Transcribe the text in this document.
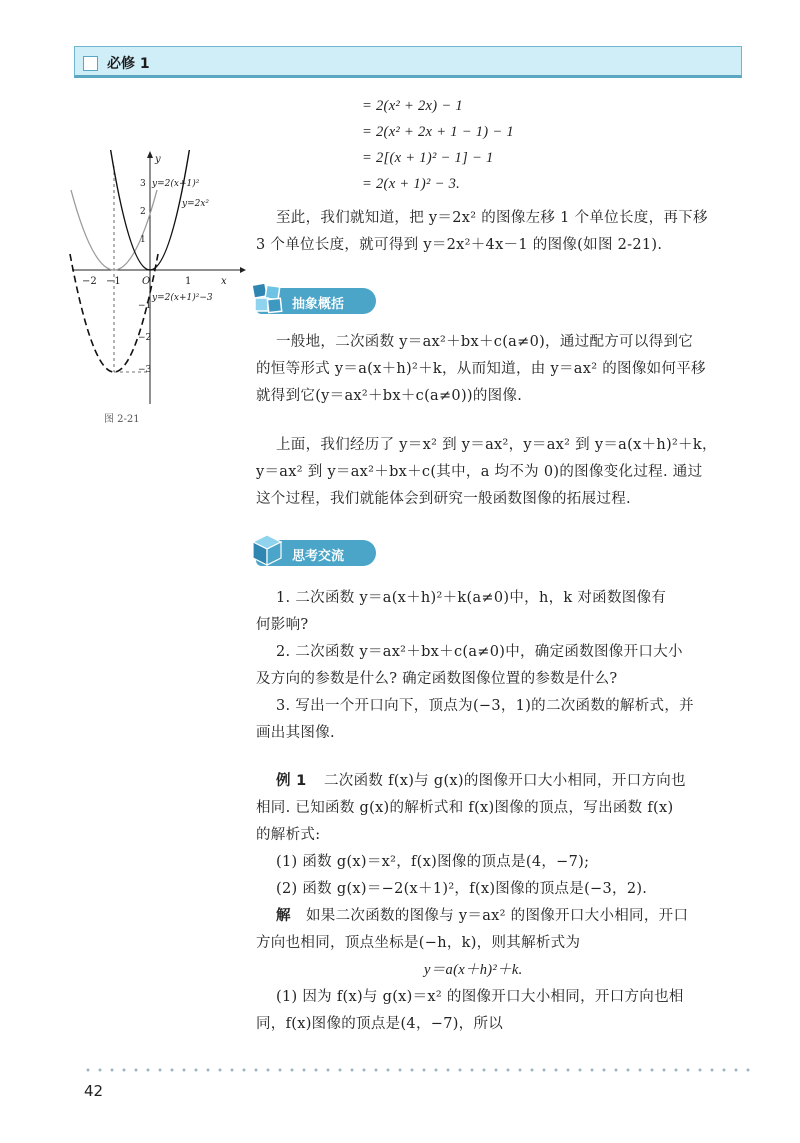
必修 1
= 2(x² + 2x) − 1
= 2(x² + 2x + 1 − 1) − 1
= 2[(x + 1)² − 1] − 1
= 2(x + 1)² − 3.
至此，我们就知道，把 y＝2x² 的图像左移 1 个单位长度，再下移
3 个单位长度，就可得到 y＝2x²＋4x－1 的图像(如图 2-21).
−2 −1 O	1	x
y
3
2
1
−1
−2
−3
y=2(x+1)²
y=2x²
y=2(x+1)²−3
图 2-21
抽象概括
一般地，二次函数 y＝ax²＋bx＋c(a≠0)，通过配方可以得到它
的恒等形式 y＝a(x＋h)²＋k，从而知道，由 y＝ax² 的图像如何平移
就得到它(y＝ax²＋bx＋c(a≠0))的图像.
上面，我们经历了 y＝x² 到 y＝ax²，y＝ax² 到 y＝a(x＋h)²＋k，
y＝ax² 到 y＝ax²＋bx＋c(其中，a 均不为 0)的图像变化过程. 通过
这个过程，我们就能体会到研究一般函数图像的拓展过程.
思考交流
1. 二次函数 y＝a(x＋h)²＋k(a≠0)中，h，k 对函数图像有
何影响?
2. 二次函数 y＝ax²＋bx＋c(a≠0)中，确定函数图像开口大小
及方向的参数是什么? 确定函数图像位置的参数是什么?
3. 写出一个开口向下，顶点为(−3，1)的二次函数的解析式，并
画出其图像.
例 1 二次函数 f(x)与 g(x)的图像开口大小相同，开口方向也
相同. 已知函数 g(x)的解析式和 f(x)图像的顶点，写出函数 f(x)
的解析式:
(1) 函数 g(x)＝x²，f(x)图像的顶点是(4，−7);
(2) 函数 g(x)＝−2(x＋1)²，f(x)图像的顶点是(−3，2).
解 如果二次函数的图像与 y＝ax² 的图像开口大小相同，开口
方向也相同，顶点坐标是(−h，k)，则其解析式为
y＝a(x＋h)²＋k.
(1) 因为 f(x)与 g(x)＝x² 的图像开口大小相同，开口方向也相
同，f(x)图像的顶点是(4，−7)，所以
42
